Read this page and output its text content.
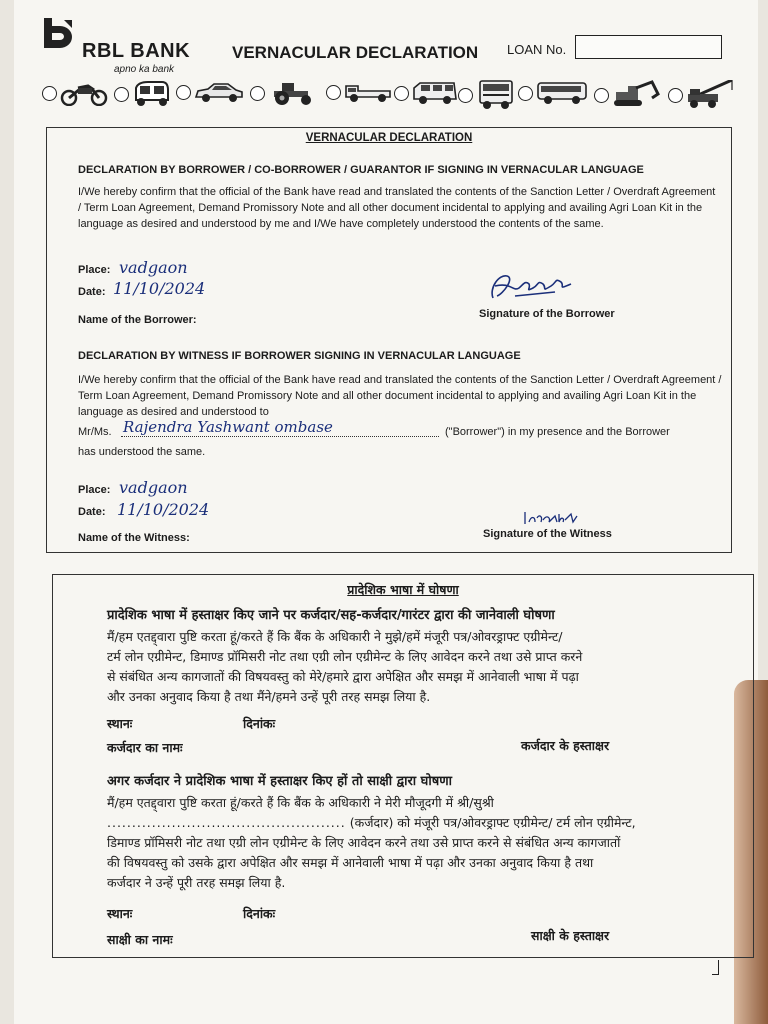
RBL BANK
apno ka bank
VERNACULAR DECLARATION LOAN No.
VERNACULAR DECLARATION
DECLARATION BY BORROWER / CO-BORROWER / GUARANTOR IF SIGNING IN VERNACULAR LANGUAGE
I/We hereby confirm that the official of the Bank have read and translated the contents of the Sanction Letter / Overdraft Agreement / Term Loan Agreement, Demand Promissory Note and all other document incidental to applying and availing Agri Loan Kit in the language as desired and understood by me and I/We have completely understood the contents of the same.
Place: vadgaon
Date: 11/10/2024
Name of the Borrower:	Signature of the Borrower
DECLARATION BY WITNESS IF BORROWER SIGNING IN VERNACULAR LANGUAGE
I/We hereby confirm that the official of the Bank have read and translated the contents of the Sanction Letter / Overdraft Agreement / Term Loan Agreement, Demand Promissory Note and all other document incidental to applying and availing Agri Loan Kit in the language as desired and understood to
Mr/Ms. Rajendra Yashwant ombase	("Borrower") in my presence and the Borrower
has understood the same.
Place: vadgaon
Date: 11/10/2024
Name of the Witness:	Signature of the Witness
प्रादेशिक भाषा में घोषणा
प्रादेशिक भाषा में हस्ताक्षर किए जाने पर कर्जदार/सह-कर्जदार/गारंटर द्वारा की जानेवाली घोषणा
मैं/हम एतद्द्वारा पुष्टि करता हूं/करते हैं कि बैंक के अधिकारी ने मुझे/हमें मंजूरी पत्र/ओवरड्राफ्ट एग्रीमेन्ट/
टर्म लोन एग्रीमेन्ट, डिमाण्ड प्रॉमिसरी नोट तथा एग्री लोन एग्रीमेन्ट के लिए आवेदन करने तथा उसे प्राप्त करने
से संबंधित अन्य कागजातों की विषयवस्तु को मेरे/हमारे द्वारा अपेक्षित और समझ में आनेवाली भाषा में पढ़ा
और उनका अनुवाद किया है तथा मैंने/हमने उन्हें पूरी तरह समझ लिया है.
स्थानः	दिनांकः
कर्जदार का नामः	कर्जदार के हस्ताक्षर
अगर कर्जदार ने प्रादेशिक भाषा में हस्ताक्षर किए हों तो साक्षी द्वारा घोषणा
मैं/हम एतद्द्वारा पुष्टि करता हूं/करते हैं कि बैंक के अधिकारी ने मेरी मौजूदगी में श्री/सुश्री
................................................ (कर्जदार) को मंजूरी पत्र/ओवरड्राफ्ट एग्रीमेन्ट/ टर्म लोन एग्रीमेन्ट,
डिमाण्ड प्रॉमिसरी नोट तथा एग्री लोन एग्रीमेन्ट के लिए आवेदन करने तथा उसे प्राप्त करने से संबंधित अन्य कागजातों
की विषयवस्तु को उसके द्वारा अपेक्षित और समझ में आनेवाली भाषा में पढ़ा और उनका अनुवाद किया है तथा
कर्जदार ने उन्हें पूरी तरह समझ लिया है.
स्थानः	दिनांकः
साक्षी का नामः	साक्षी के हस्ताक्षर
